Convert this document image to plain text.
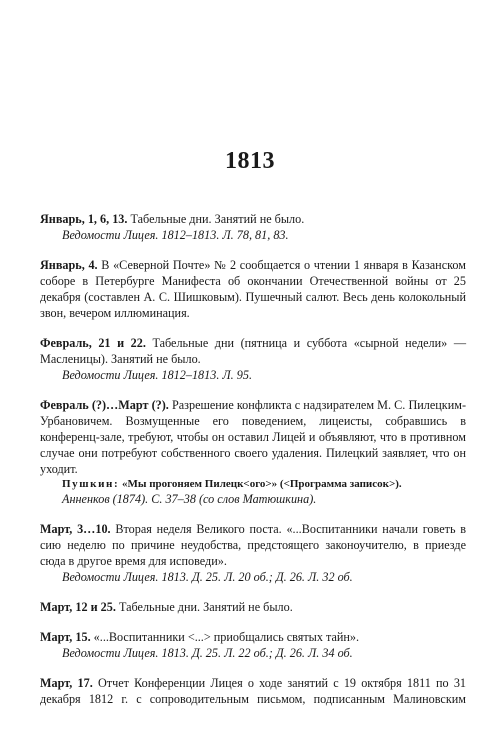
1813

Январь, 1, 6, 13. Табельные дни. Занятий не было.

Ведомости Лицея. 1812–1813. Л. 78, 81, 83.

Январь, 4. В «Северной Почте» № 2 сообщается о чтении 1 января в Казанском соборе в Петербурге Манифеста об окончании Отечественной войны от 25 декабря (составлен А. С. Шишковым). Пушечный салют. Весь день колокольный звон, вечером иллюминация.

Февраль, 21 и 22. Табельные дни (пятница и суббота «сырной недели» — Масленицы). Занятий не было.

Ведомости Лицея. 1812–1813. Л. 95.

Февраль (?)…Март (?). Разрешение конфликта с надзирателем М. С. Пилецким-Урбановичем. Возмущенные его поведением, лицеисты, собравшись в конференц-зале, требуют, чтобы он оставил Лицей и объявляют, что в противном случае они потребуют собственного своего удаления. Пилецкий заявляет, что он уходит.

Пушкин: «Мы прогоняем Пилецк<ого>» (<Программа записок>).
Анненков (1874). С. 37–38 (со слов Матюшкина).

Март, 3…10. Вторая неделя Великого поста. «...Воспитанники начали говеть в сию неделю по причине неудобства, предстоящего законоучителю, в приезде сюда в другое время для исповеди».

Ведомости Лицея. 1813. Д. 25. Л. 20 об.; Д. 26. Л. 32 об.

Март, 12 и 25. Табельные дни. Занятий не было.

Март, 15. «...Воспитанники <...> приобщались святых тайн».

Ведомости Лицея. 1813. Д. 25. Л. 22 об.; Д. 26. Л. 34 об.

Март, 17. Отчет Конференции Лицея о ходе занятий с 19 октября 1811 по 31 декабря 1812 г. с сопроводительным письмом, подписанным Малиновским
